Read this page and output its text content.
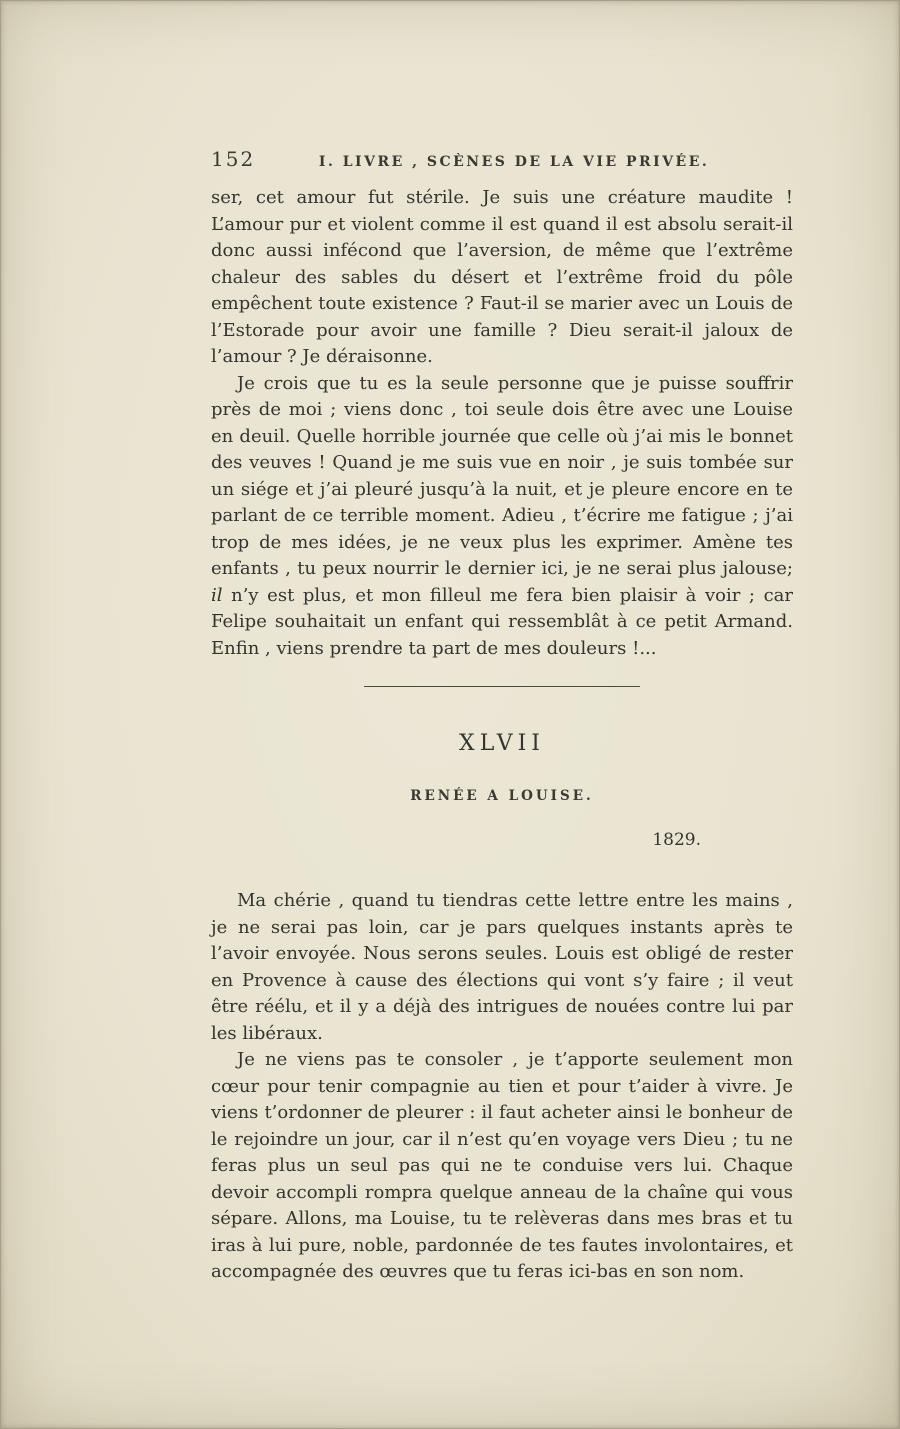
152	I. LIVRE , SCÈNES DE LA VIE PRIVÉE.

ser, cet amour fut stérile. Je suis une créature maudite ! L’amour pur et violent comme il est quand il est absolu serait-il donc aussi infécond que l’aversion, de même que l’extrême chaleur des sables du désert et l’extrême froid du pôle empêchent toute existence ? Faut-il se marier avec un Louis de l’Estorade pour avoir une famille ? Dieu serait-il jaloux de l’amour ? Je déraisonne.

Je crois que tu es la seule personne que je puisse souffrir près de moi ; viens donc , toi seule dois être avec une Louise en deuil. Quelle horrible journée que celle où j’ai mis le bonnet des veuves ! Quand je me suis vue en noir , je suis tombée sur un siége et j’ai pleuré jusqu’à la nuit, et je pleure encore en te parlant de ce terrible moment. Adieu , t’écrire me fatigue ; j’ai trop de mes idées, je ne veux plus les exprimer. Amène tes enfants , tu peux nourrir le dernier ici, je ne serai plus jalouse; il n’y est plus, et mon filleul me fera bien plaisir à voir ; car Felipe souhaitait un enfant qui ressemblât à ce petit Armand. Enfin , viens prendre ta part de mes douleurs !...

XLVII
RENÉE A LOUISE.
1829.

Ma chérie , quand tu tiendras cette lettre entre les mains , je ne serai pas loin, car je pars quelques instants après te l’avoir envoyée. Nous serons seules. Louis est obligé de rester en Provence à cause des élections qui vont s’y faire ; il veut être réélu, et il y a déjà des intrigues de nouées contre lui par les libéraux.

Je ne viens pas te consoler , je t’apporte seulement mon cœur pour tenir compagnie au tien et pour t’aider à vivre. Je viens t’ordonner de pleurer : il faut acheter ainsi le bonheur de le rejoindre un jour, car il n’est qu’en voyage vers Dieu ; tu ne feras plus un seul pas qui ne te conduise vers lui. Chaque devoir accompli rompra quelque anneau de la chaîne qui vous sépare. Allons, ma Louise, tu te relèveras dans mes bras et tu iras à lui pure, noble, pardonnée de tes fautes involontaires, et accompagnée des œuvres que tu feras ici-bas en son nom.
